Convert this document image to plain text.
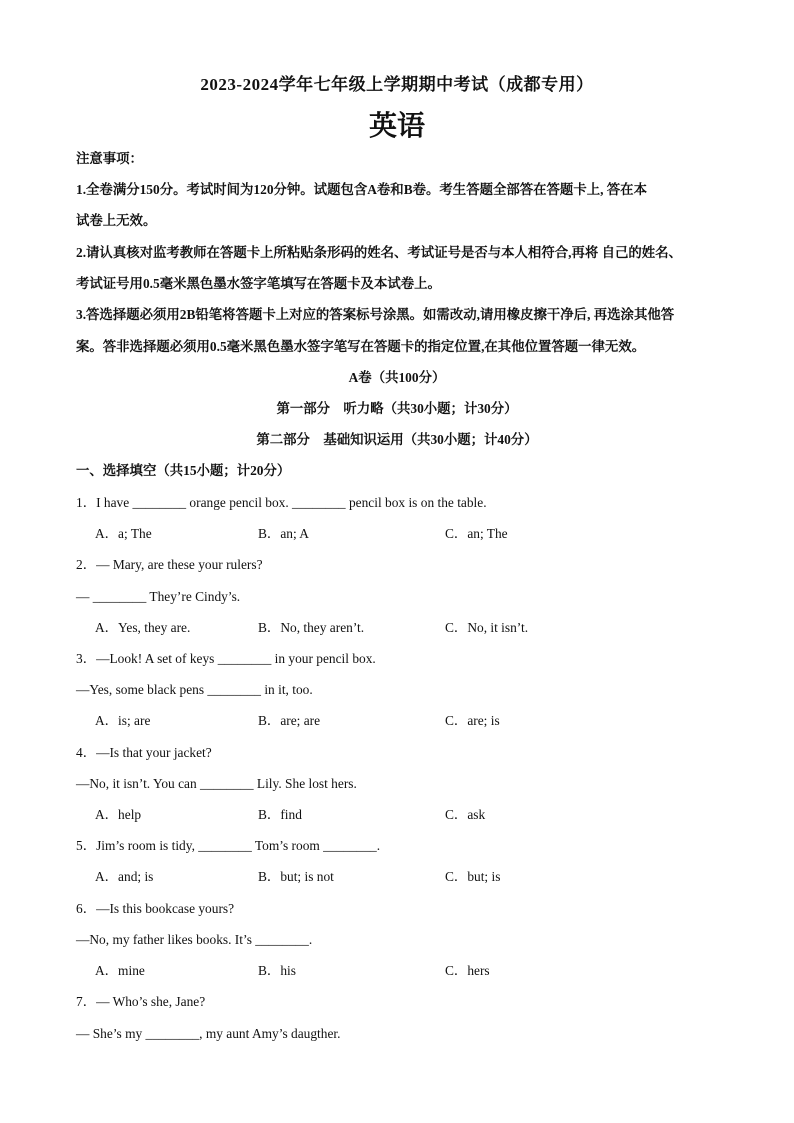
2023-2024学年七年级上学期期中考试（成都专用）
英语
注意事项：
1.全卷满分150分。考试时间为120分钟。试题包含A卷和B卷。考生答题全部答在答题卡上, 答在本
试卷上无效。
2.请认真核对监考教师在答题卡上所粘贴条形码的姓名、考试证号是否与本人相符合,再将 自己的姓名、
考试证号用0.5毫米黑色墨水签字笔填写在答题卡及本试卷上。
3.答选择题必须用2B铅笔将答题卡上对应的答案标号涂黑。如需改动,请用橡皮擦干净后, 再选涂其他答
案。答非选择题必须用0.5毫米黑色墨水签字笔写在答题卡的指定位置,在其他位置答题一律无效。
A卷（共100分）
第一部分　听力略（共30小题；计30分）
第二部分　基础知识运用（共30小题；计40分）
一、选择填空（共15小题；计20分）
1．I have ________ orange pencil box. ________ pencil box is on the table.
A．a; The	B．an; A	C．an; The
2．— Mary, are these your rulers?
— ________ They’re Cindy’s.
A．Yes, they are.	B．No, they aren’t.	C．No, it isn’t.
3．—Look! A set of keys ________ in your pencil box.
—Yes, some black pens ________ in it, too.
A．is; are	B．are; are	C．are; is
4．—Is that your jacket?
—No, it isn’t. You can ________ Lily. She lost hers.
A．help	B．find	C．ask
5．Jim’s room is tidy, ________ Tom’s room ________.
A．and; is	B．but; is not	C．but; is
6．—Is this bookcase yours?
—No, my father likes books. It’s ________.
A．mine	B．his	C．hers
7．— Who’s she, Jane?
— She’s my ________, my aunt Amy’s daugther.
